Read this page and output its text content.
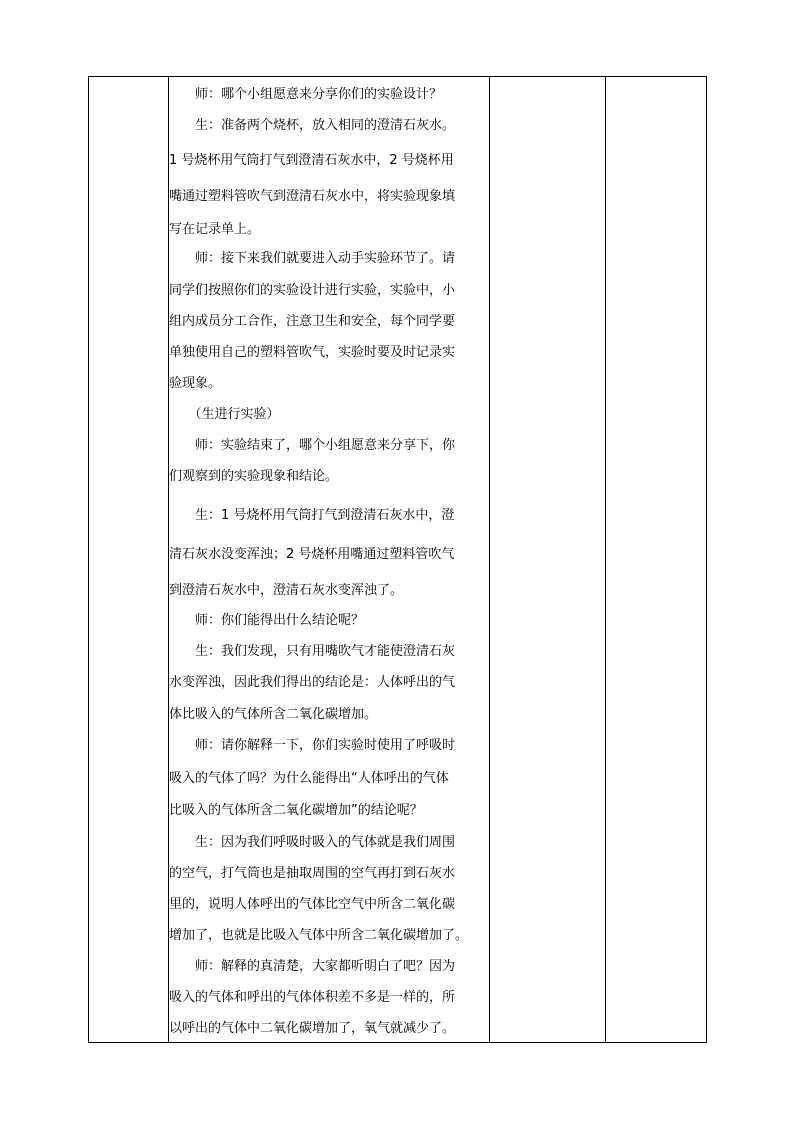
　　师：哪个小组愿意来分享你们的实验设计？
　　生：准备两个烧杯，放入相同的澄清石灰水。
1 号烧杯用气筒打气到澄清石灰水中，2 号烧杯用
嘴通过塑料管吹气到澄清石灰水中，将实验现象填
写在记录单上。
　　师：接下来我们就要进入动手实验环节了。请
同学们按照你们的实验设计进行实验，实验中，小
组内成员分工合作，注意卫生和安全，每个同学要
单独使用自己的塑料管吹气，实验时要及时记录实
验现象。
　　（生进行实验）
　　师：实验结束了，哪个小组愿意来分享下，你
们观察到的实验现象和结论。
　　生：1 号烧杯用气筒打气到澄清石灰水中，澄
清石灰水没变浑浊；2 号烧杯用嘴通过塑料管吹气
到澄清石灰水中，澄清石灰水变浑浊了。
　　师：你们能得出什么结论呢？
　　生：我们发现，只有用嘴吹气才能使澄清石灰
水变浑浊，因此我们得出的结论是：人体呼出的气
体比吸入的气体所含二氧化碳增加。
　　师：请你解释一下，你们实验时使用了呼吸时
吸入的气体了吗？为什么能得出“人体呼出的气体
比吸入的气体所含二氧化碳增加”的结论呢？
　　生：因为我们呼吸时吸入的气体就是我们周围
的空气，打气筒也是抽取周围的空气再打到石灰水
里的，说明人体呼出的气体比空气中所含二氧化碳
增加了，也就是比吸入气体中所含二氧化碳增加了。
　　师：解释的真清楚，大家都听明白了吧？因为
吸入的气体和呼出的气体体积差不多是一样的，所
以呼出的气体中二氧化碳增加了，氧气就减少了。
